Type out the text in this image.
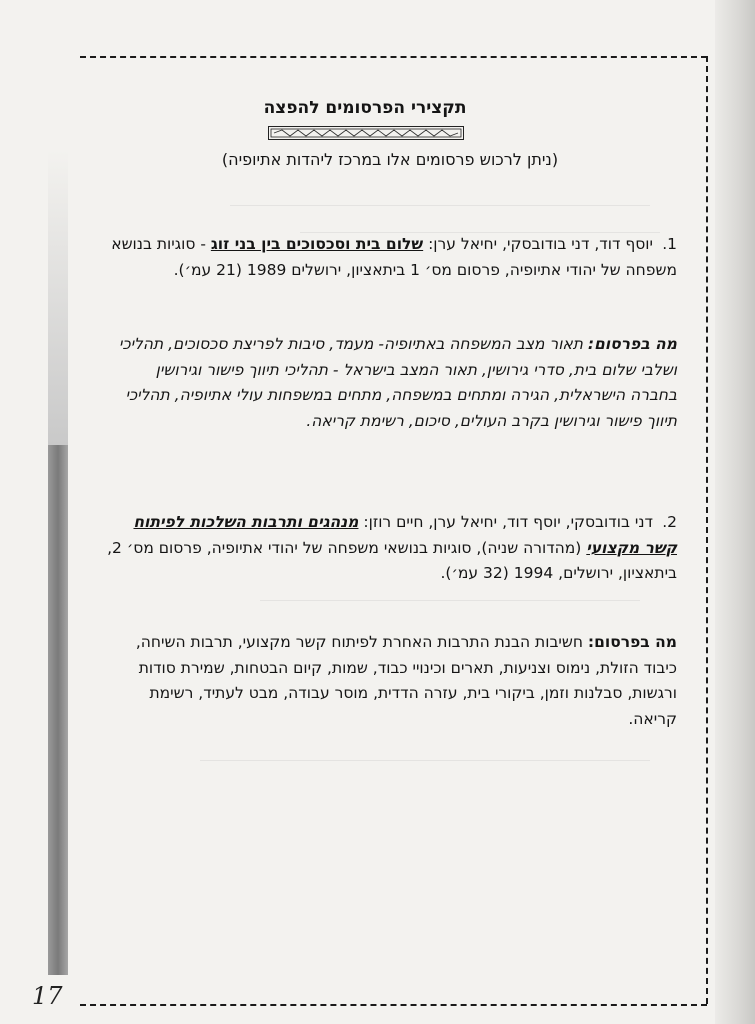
תקצירי הפרסומים להפצה
(ניתן לרכוש פרסומים אלו במרכז ליהדות אתיופיה)
1.יוסף דוד, דני בודובסקי, יחיאל ערן: שלום בית וסכסוכים בין בני זוג - סוגיות בנושא משפחה של יהודי אתיופיה, פרסום מס׳ 1 ביתאציון, ירושלים 1989 (21 עמ׳).
מה בפרסום: תאור מצב המשפחה באתיופיה- מעמד, סיבות לפריצת סכסוכים, תהליכי ושלבי שלום בית, סדרי גירושין, תאור המצב בישראל - תהליכי תיווך פישור וגירושין בחברה הישראלית, הגירה ומתחים במשפחה, מתחים במשפחות עולי אתיופיה, תהליכי תיווך פישור וגירושין בקרב העולים, סיכום, רשימת קריאה.
2.דני בודובסקי, יוסף דוד, יחיאל ערן, חיים רוזן: מנהגים ותרבות השלכות לפיתוח קשר מקצועי (מהדורה שניה), סוגיות בנושאי משפחה של יהודי אתיופיה, פרסום מס׳ 2, ביתאציון, ירושלים, 1994 (32 עמ׳).
מה בפרסום: חשיבות הבנת התרבות האחרת לפיתוח קשר מקצועי, תרבות השיחה, כיבוד הזולת, נימוס וצניעות, תארים וכינויי כבוד, שמות, קיום הבטחות, שמירת סודות ורגשות, סבלנות וזמן, ביקורי בית, עזרה הדדית, מוסר עבודה, מבט לעתיד, רשימת קריאה.
17
